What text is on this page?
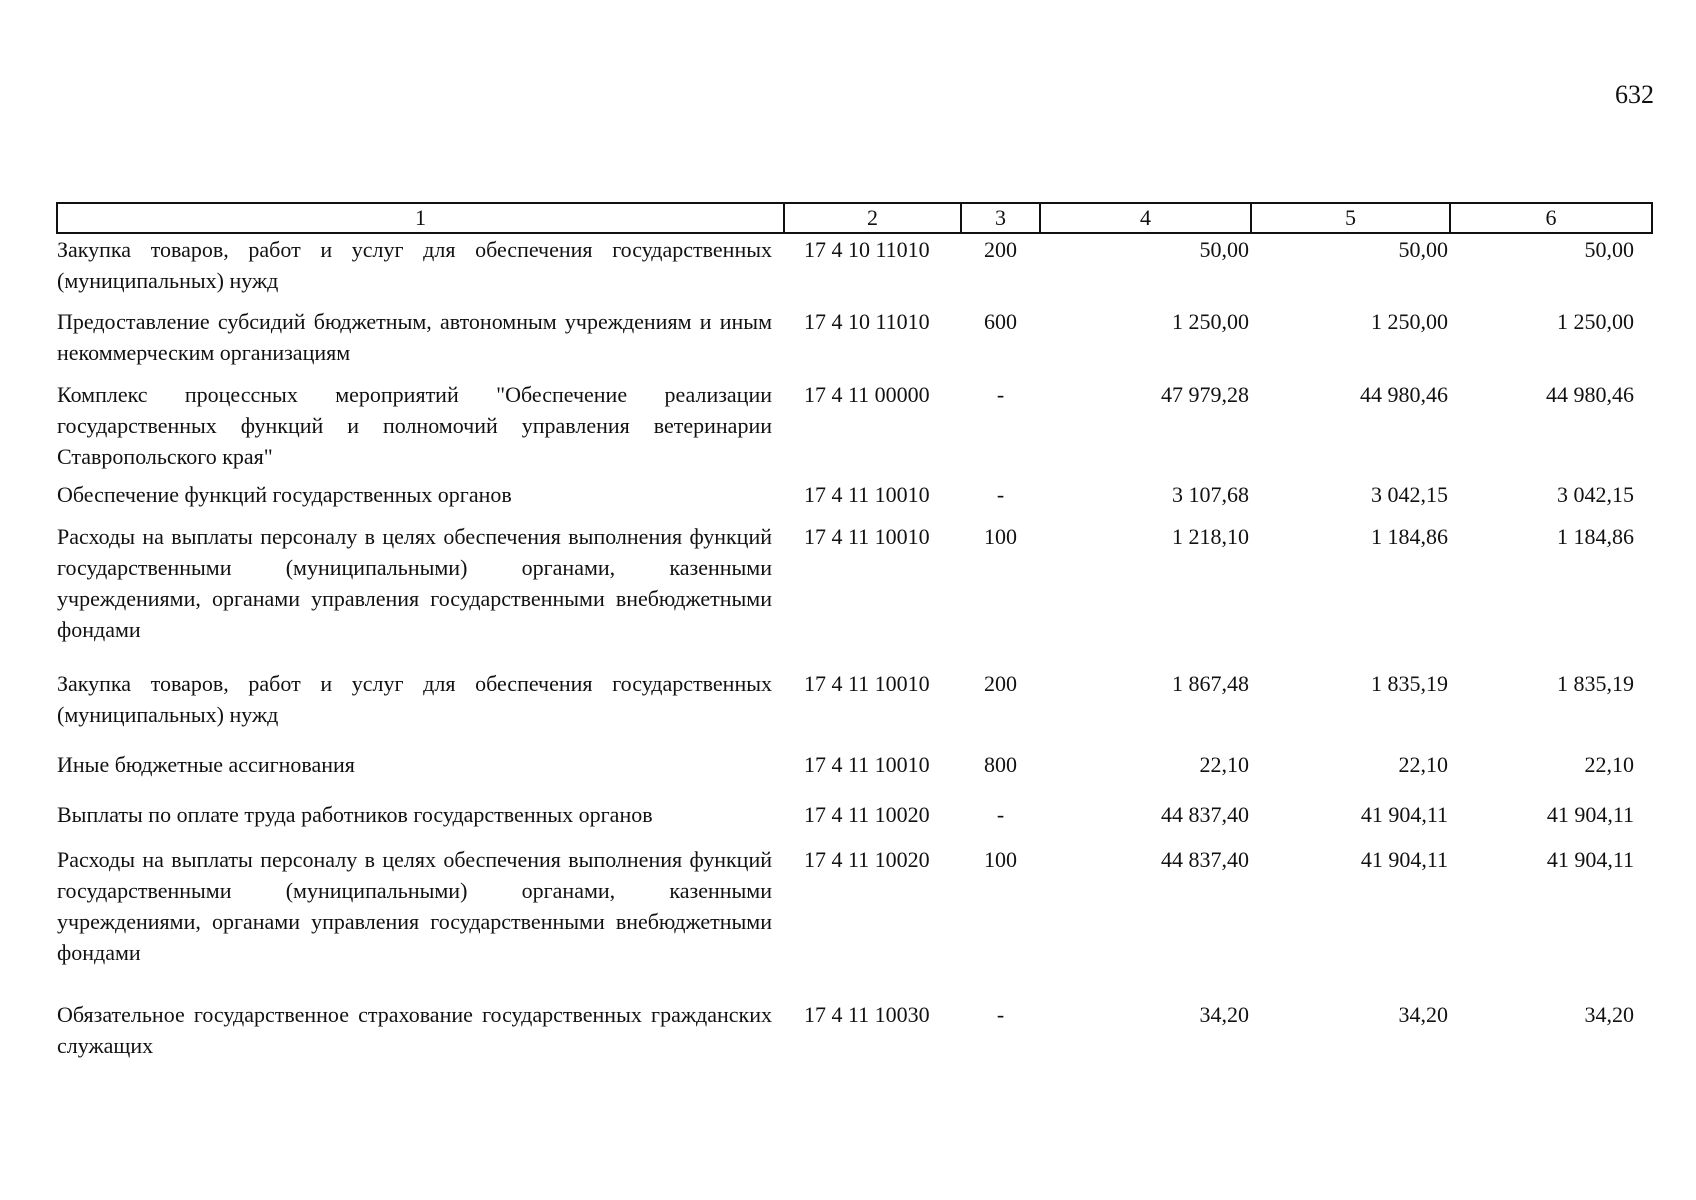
632
1	2	3	4	5	6
Закупка товаров, работ и услуг для обеспечения государственных (муниципальных) нужд	17 4 10 11010	200	50,00	50,00	50,00
Предоставление субсидий бюджетным, автономным учреждениям и иным некоммерческим организациям	17 4 10 11010	600	1 250,00	1 250,00	1 250,00
Комплекс процессных мероприятий "Обеспечение реализации государственных функций и полномочий управления ветеринарии Ставропольского края"	17 4 11 00000	-	47 979,28	44 980,46	44 980,46
Обеспечение функций государственных органов	17 4 11 10010	-	3 107,68	3 042,15	3 042,15
Расходы на выплаты персоналу в целях обеспечения выполнения функций государственными (муниципальными) органами, казенными учреждениями, органами управления государственными внебюджетными фондами	17 4 11 10010	100	1 218,10	1 184,86	1 184,86
Закупка товаров, работ и услуг для обеспечения государственных (муниципальных) нужд	17 4 11 10010	200	1 867,48	1 835,19	1 835,19
Иные бюджетные ассигнования	17 4 11 10010	800	22,10	22,10	22,10
Выплаты по оплате труда работников государственных органов	17 4 11 10020	-	44 837,40	41 904,11	41 904,11
Расходы на выплаты персоналу в целях обеспечения выполнения функций государственными (муниципальными) органами, казенными учреждениями, органами управления государственными внебюджетными фондами	17 4 11 10020	100	44 837,40	41 904,11	41 904,11
Обязательное государственное страхование государственных гражданских служащих	17 4 11 10030	-	34,20	34,20	34,20
